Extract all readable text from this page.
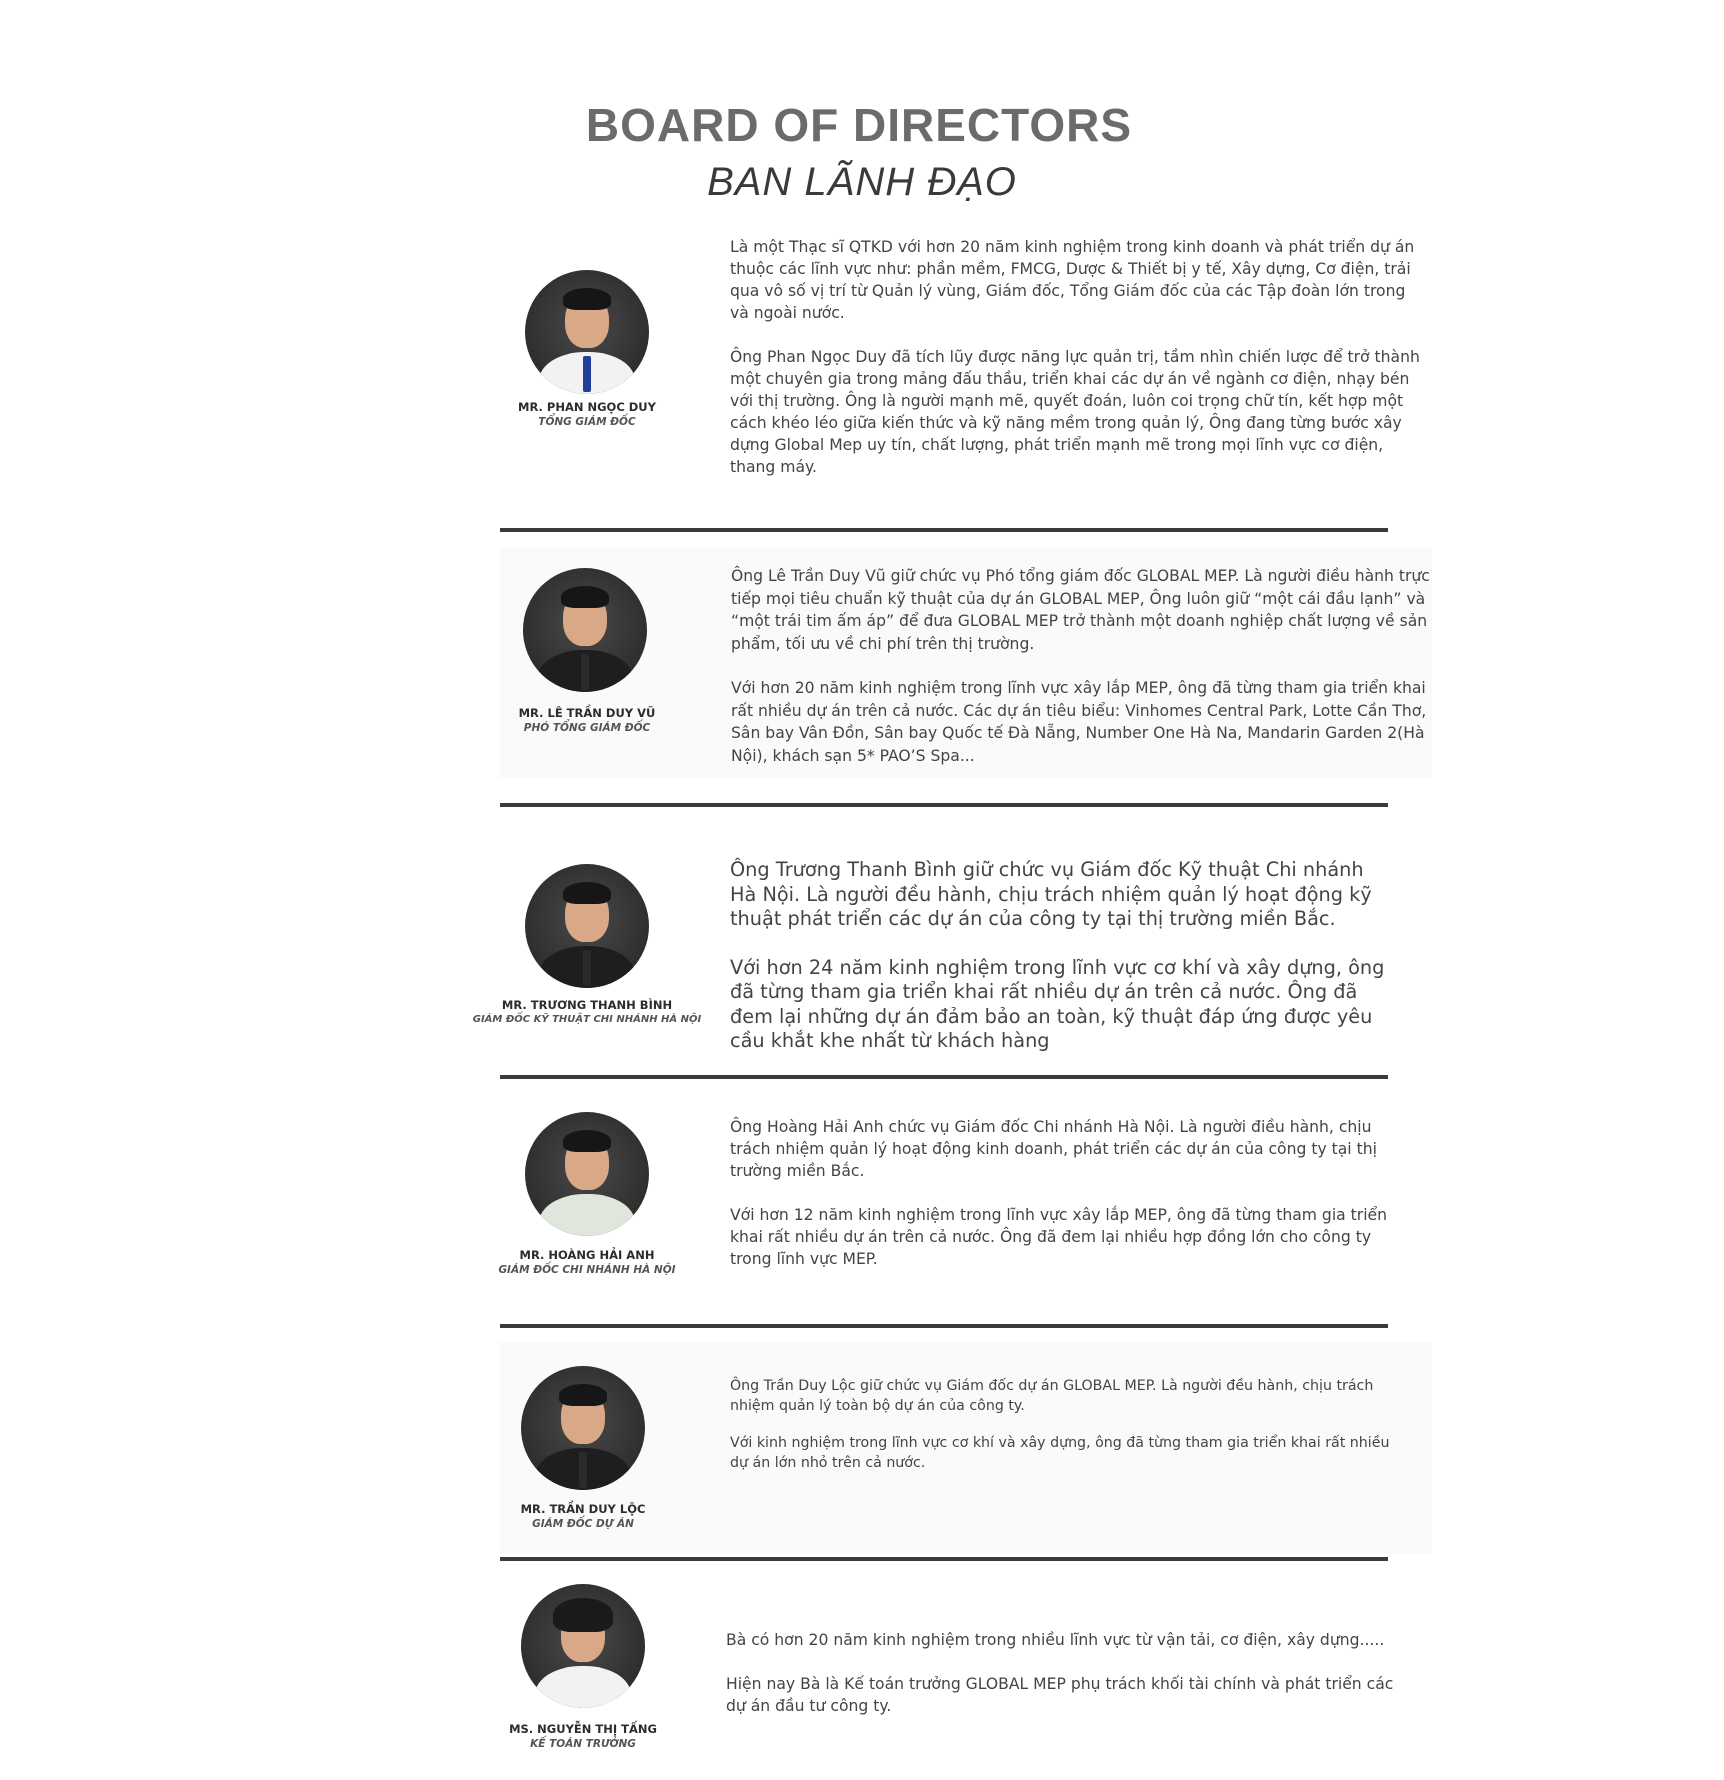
BOARD OF DIRECTORS
BAN LÃNH ĐẠO
MR. PHAN NGỌC DUY
TỔNG GIÁM ĐỐC

Là một Thạc sĩ QTKD với hơn 20 năm kinh nghiệm trong kinh doanh và phát triển dự án thuộc các lĩnh vực như: phần mềm, FMCG, Dược & Thiết bị y tế, Xây dựng, Cơ điện, trải qua vô số vị trí từ Quản lý vùng, Giám đốc, Tổng Giám đốc của các Tập đoàn lớn trong và ngoài nước.

Ông Phan Ngọc Duy đã tích lũy được năng lực quản trị, tầm nhìn chiến lược để trở thành một chuyên gia trong mảng đấu thầu, triển khai các dự án về ngành cơ điện, nhạy bén với thị trường. Ông là người mạnh mẽ, quyết đoán, luôn coi trọng chữ tín, kết hợp một cách khéo léo giữa kiến thức và kỹ năng mềm trong quản lý, Ông đang từng bước xây dựng Global Mep uy tín, chất lượng, phát triển mạnh mẽ trong mọi lĩnh vực cơ điện, thang máy.

MR. LÊ TRẦN DUY VŨ
PHÓ TỔNG GIÁM ĐỐC

Ông Lê Trần Duy Vũ giữ chức vụ Phó tổng giám đốc GLOBAL MEP. Là người điều hành trực tiếp mọi tiêu chuẩn kỹ thuật của dự án GLOBAL MEP, Ông luôn giữ “một cái đầu lạnh” và “một trái tim ấm áp” để đưa GLOBAL MEP trở thành một doanh nghiệp chất lượng về sản phẩm, tối ưu về chi phí trên thị trường.

Với hơn 20 năm kinh nghiệm trong lĩnh vực xây lắp MEP, ông đã từng tham gia triển khai rất nhiều dự án trên cả nước. Các dự án tiêu biểu: Vinhomes Central Park, Lotte Cần Thơ, Sân bay Vân Đồn, Sân bay Quốc tế Đà Nẵng, Number One Hà Na, Mandarin Garden 2(Hà Nội), khách sạn 5* PAO’S Spa...

MR. TRƯƠNG THANH BÌNH
GIÁM ĐỐC KỸ THUẬT CHI NHÁNH HÀ NỘI

Ông Trương Thanh Bình giữ chức vụ Giám đốc Kỹ thuật Chi nhánh Hà Nội. Là người đều hành, chịu trách nhiệm quản lý hoạt động kỹ thuật phát triển các dự án của công ty tại thị trường miền Bắc.

Với hơn 24 năm kinh nghiệm trong lĩnh vực cơ khí và xây dựng, ông đã từng tham gia triển khai rất nhiều dự án trên cả nước. Ông đã đem lại những dự án đảm bảo an toàn, kỹ thuật đáp ứng được yêu cầu khắt khe nhất từ khách hàng

MR. HOÀNG HẢI ANH
GIÁM ĐỐC CHI NHÁNH HÀ NỘI

Ông Hoàng Hải Anh chức vụ Giám đốc Chi nhánh Hà Nội. Là người điều hành, chịu trách nhiệm quản lý hoạt động kinh doanh, phát triển các dự án của công ty tại thị trường miền Bắc.

Với hơn 12 năm kinh nghiệm trong lĩnh vực xây lắp MEP, ông đã từng tham gia triển khai rất nhiều dự án trên cả nước. Ông đã đem lại nhiều hợp đồng lớn cho công ty trong lĩnh vực MEP.

MR. TRẦN DUY LỘC
GIÁM ĐỐC DỰ ÁN

Ông Trần Duy Lộc giữ chức vụ Giám đốc dự án GLOBAL MEP. Là người đều hành, chịu trách nhiệm quản lý toàn bộ dự án của công ty.

Với kinh nghiệm trong lĩnh vực cơ khí và xây dựng, ông đã từng tham gia triển khai rất nhiều dự án lớn nhỏ trên cả nước.

MS. NGUYỄN THỊ TẤNG
KẾ TOÁN TRƯỞNG

Bà có hơn 20 năm kinh nghiệm trong nhiều lĩnh vực từ vận tải, cơ điện, xây dựng.....

Hiện nay Bà là Kế toán trưởng GLOBAL MEP phụ trách khối tài chính và phát triển các dự án đầu tư công ty.
